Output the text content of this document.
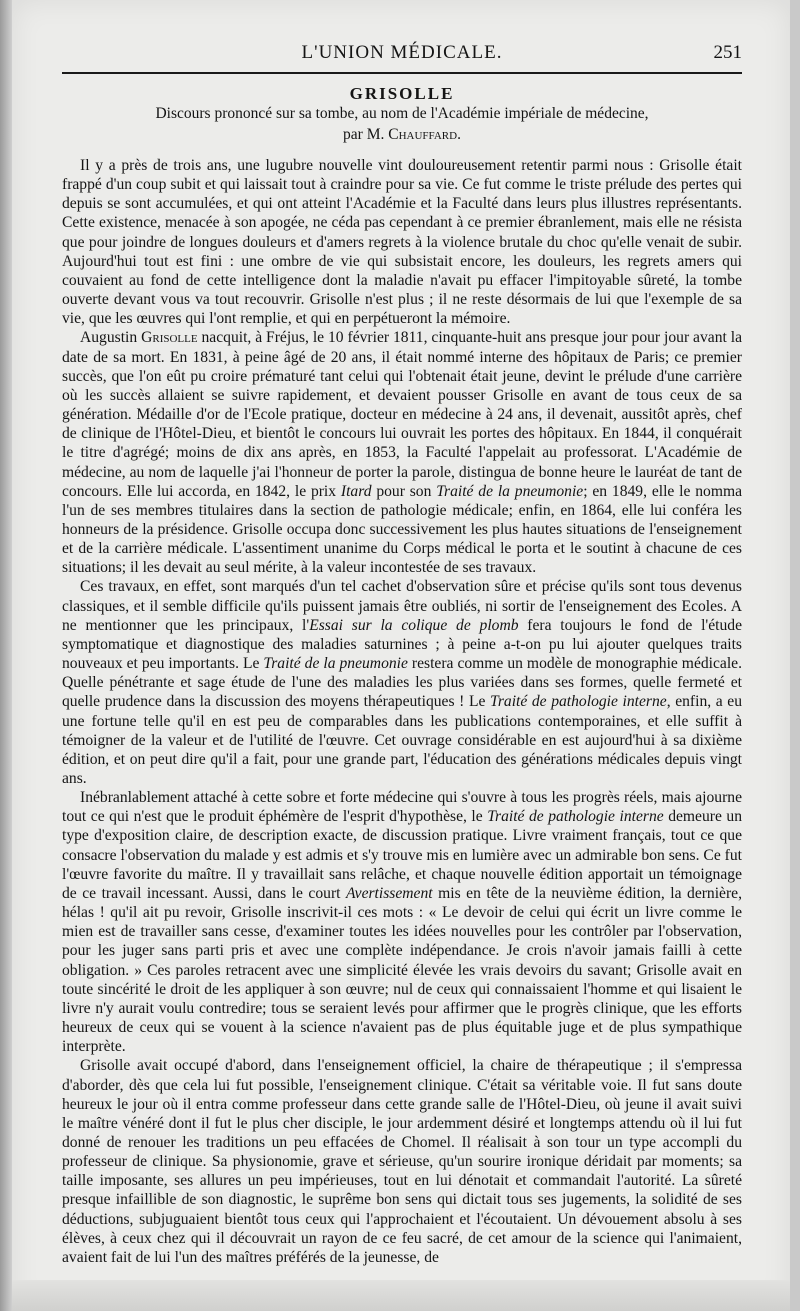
L'UNION MÉDICALE.	251
GRISOLLE

Discours prononcé sur sa tombe, au nom de l'Académie impériale de médecine,

par M. Chauffard.

Il y a près de trois ans, une lugubre nouvelle vint douloureusement retentir parmi nous : Grisolle était frappé d'un coup subit et qui laissait tout à craindre pour sa vie. Ce fut comme le triste prélude des pertes qui depuis se sont accumulées, et qui ont atteint l'Académie et la Faculté dans leurs plus illustres représentants. Cette existence, menacée à son apogée, ne céda pas cependant à ce premier ébranlement, mais elle ne résista que pour joindre de longues douleurs et d'amers regrets à la violence brutale du choc qu'elle venait de subir. Aujourd'hui tout est fini : une ombre de vie qui subsistait encore, les douleurs, les regrets amers qui couvaient au fond de cette intelligence dont la maladie n'avait pu effacer l'impitoyable sûreté, la tombe ouverte devant vous va tout recouvrir. Grisolle n'est plus ; il ne reste désormais de lui que l'exemple de sa vie, que les œuvres qui l'ont remplie, et qui en perpétueront la mémoire.

Augustin Grisolle nacquit, à Fréjus, le 10 février 1811, cinquante-huit ans presque jour pour jour avant la date de sa mort. En 1831, à peine âgé de 20 ans, il était nommé interne des hôpitaux de Paris; ce premier succès, que l'on eût pu croire prématuré tant celui qui l'obtenait était jeune, devint le prélude d'une carrière où les succès allaient se suivre rapidement, et devaient pousser Grisolle en avant de tous ceux de sa génération. Médaille d'or de l'Ecole pratique, docteur en médecine à 24 ans, il devenait, aussitôt après, chef de clinique de l'Hôtel-Dieu, et bientôt le concours lui ouvrait les portes des hôpitaux. En 1844, il conquérait le titre d'agrégé; moins de dix ans après, en 1853, la Faculté l'appelait au professorat. L'Académie de médecine, au nom de laquelle j'ai l'honneur de porter la parole, distingua de bonne heure le lauréat de tant de concours. Elle lui accorda, en 1842, le prix Itard pour son Traité de la pneumonie; en 1849, elle le nomma l'un de ses membres titulaires dans la section de pathologie médicale; enfin, en 1864, elle lui conféra les honneurs de la présidence. Grisolle occupa donc successivement les plus hautes situations de l'enseignement et de la carrière médicale. L'assentiment unanime du Corps médical le porta et le soutint à chacune de ces situations; il les devait au seul mérite, à la valeur incontestée de ses travaux.

Ces travaux, en effet, sont marqués d'un tel cachet d'observation sûre et précise qu'ils sont tous devenus classiques, et il semble difficile qu'ils puissent jamais être oubliés, ni sortir de l'enseignement des Ecoles. A ne mentionner que les principaux, l'Essai sur la colique de plomb fera toujours le fond de l'étude symptomatique et diagnostique des maladies saturnines ; à peine a-t-on pu lui ajouter quelques traits nouveaux et peu importants. Le Traité de la pneumonie restera comme un modèle de monographie médicale. Quelle pénétrante et sage étude de l'une des maladies les plus variées dans ses formes, quelle fermeté et quelle prudence dans la discussion des moyens thérapeutiques ! Le Traité de pathologie interne, enfin, a eu une fortune telle qu'il en est peu de comparables dans les publications contemporaines, et elle suffit à témoigner de la valeur et de l'utilité de l'œuvre. Cet ouvrage considérable en est aujourd'hui à sa dixième édition, et on peut dire qu'il a fait, pour une grande part, l'éducation des générations médicales depuis vingt ans.

Inébranlablement attaché à cette sobre et forte médecine qui s'ouvre à tous les progrès réels, mais ajourne tout ce qui n'est que le produit éphémère de l'esprit d'hypothèse, le Traité de pathologie interne demeure un type d'exposition claire, de description exacte, de discussion pratique. Livre vraiment français, tout ce que consacre l'observation du malade y est admis et s'y trouve mis en lumière avec un admirable bon sens. Ce fut l'œuvre favorite du maître. Il y travaillait sans relâche, et chaque nouvelle édition apportait un témoignage de ce travail incessant. Aussi, dans le court Avertissement mis en tête de la neuvième édition, la dernière, hélas ! qu'il ait pu revoir, Grisolle inscrivit-il ces mots : « Le devoir de celui qui écrit un livre comme le mien est de travailler sans cesse, d'examiner toutes les idées nouvelles pour les contrôler par l'observation, pour les juger sans parti pris et avec une complète indépendance. Je crois n'avoir jamais failli à cette obligation. » Ces paroles retracent avec une simplicité élevée les vrais devoirs du savant; Grisolle avait en toute sincérité le droit de les appliquer à son œuvre; nul de ceux qui connaissaient l'homme et qui lisaient le livre n'y aurait voulu contredire; tous se seraient levés pour affirmer que le progrès clinique, que les efforts heureux de ceux qui se vouent à la science n'avaient pas de plus équitable juge et de plus sympathique interprète.

Grisolle avait occupé d'abord, dans l'enseignement officiel, la chaire de thérapeutique ; il s'empressa d'aborder, dès que cela lui fut possible, l'enseignement clinique. C'était sa véritable voie. Il fut sans doute heureux le jour où il entra comme professeur dans cette grande salle de l'Hôtel-Dieu, où jeune il avait suivi le maître vénéré dont il fut le plus cher disciple, le jour ardemment désiré et longtemps attendu où il lui fut donné de renouer les traditions un peu effacées de Chomel. Il réalisait à son tour un type accompli du professeur de clinique. Sa physionomie, grave et sérieuse, qu'un sourire ironique déridait par moments; sa taille imposante, ses allures un peu impérieuses, tout en lui dénotait et commandait l'autorité. La sûreté presque infaillible de son diagnostic, le suprême bon sens qui dictait tous ses jugements, la solidité de ses déductions, subjuguaient bientôt tous ceux qui l'approchaient et l'écoutaient. Un dévouement absolu à ses élèves, à ceux chez qui il découvrait un rayon de ce feu sacré, de cet amour de la science qui l'animaient, avaient fait de lui l'un des maîtres préférés de la jeunesse, de
